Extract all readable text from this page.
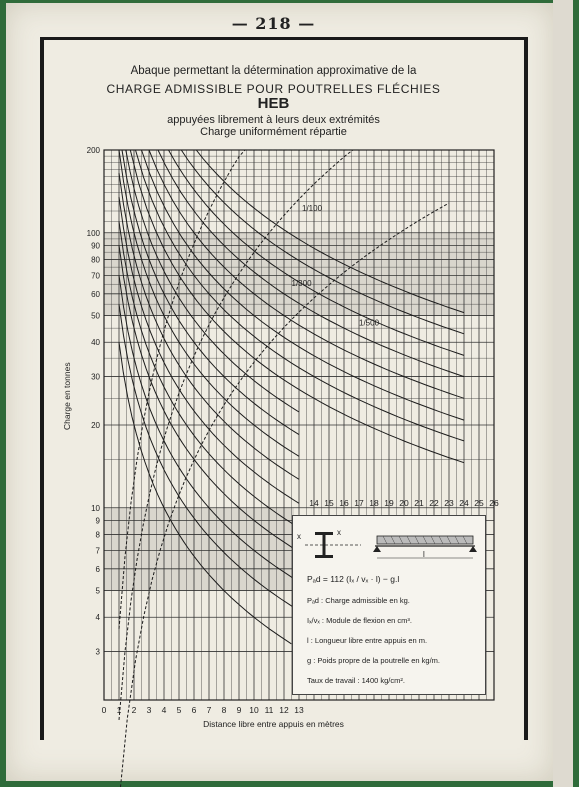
— 218 —
Abaque permettant la détermination approximative de la
CHARGE ADMISSIBLE POUR POUTRELLES FLÉCHIES
HEB
appuyées librement à leurs deux extrémités
Charge uniformément répartie
3
4
5
6
7
8
9
10
20
30
40
50
60
70
80
90
100
200
0 1 2 3 4 5 6 7 8 9 10 11 12 13
14 15 16 17 18 19 20 21 22 23 24 25 26
1/100
1/300
1/500
Charge en tonnes
Distance libre entre appuis en mètres
x	x
l
Pₐd = 112 (Iₓ / vₓ · l) − g.l
Pₐd : Charge admissible en kg.
Iₓ/vₓ : Module de flexion en cm³.
l : Longueur libre entre appuis en m.
g : Poids propre de la poutrelle en kg/m.
Taux de travail : 1400 kg/cm².
